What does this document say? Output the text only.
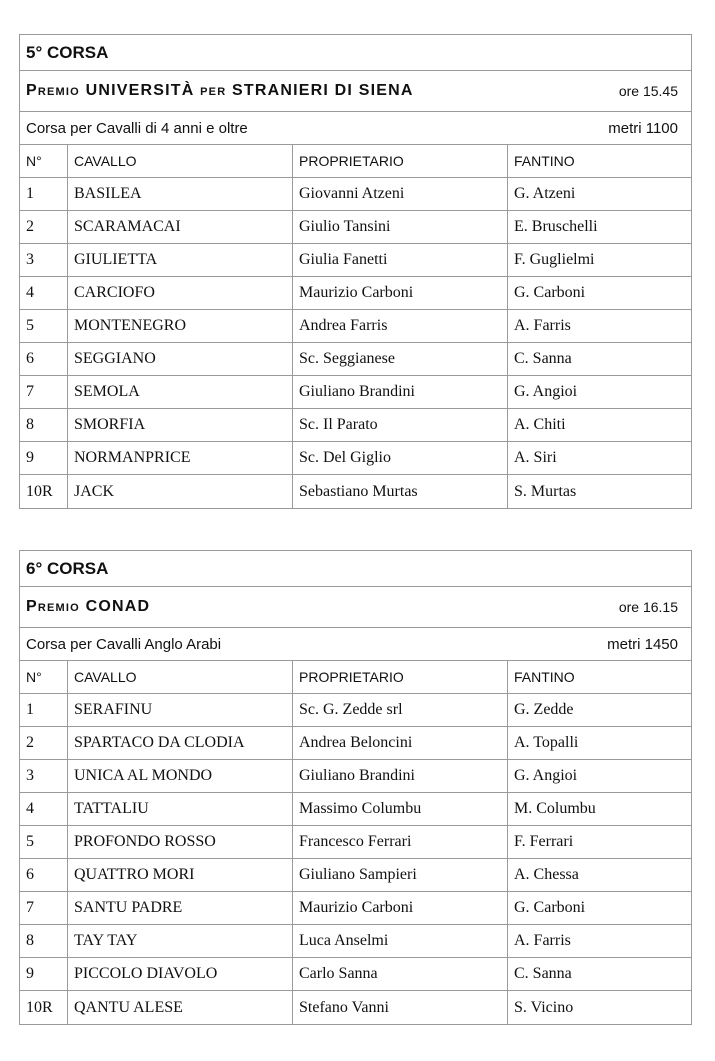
5° CORSA
Premio UNIVERSITÀ per STRANIERI DI SIENA	ore 15.45
Corsa per Cavalli di 4 anni e oltre	metri 1100
N°	CAVALLO	PROPRIETARIO	FANTINO
1	BASILEA	Giovanni Atzeni	G. Atzeni
2	SCARAMACAI	Giulio Tansini	E. Bruschelli
3	GIULIETTA	Giulia Fanetti	F. Guglielmi
4	CARCIOFO	Maurizio Carboni	G. Carboni
5	MONTENEGRO	Andrea Farris	A. Farris
6	SEGGIANO	Sc. Seggianese	C. Sanna
7	SEMOLA	Giuliano Brandini	G. Angioi
8	SMORFIA	Sc. Il Parato	A. Chiti
9	NORMANPRICE	Sc. Del Giglio	A. Siri
10R	JACK	Sebastiano Murtas	S. Murtas
6° CORSA
Premio CONAD	ore 16.15
Corsa per Cavalli Anglo Arabi	metri 1450
N°	CAVALLO	PROPRIETARIO	FANTINO
1	SERAFINU	Sc. G. Zedde srl	G. Zedde
2	SPARTACO DA CLODIA	Andrea Beloncini	A. Topalli
3	UNICA AL MONDO	Giuliano Brandini	G. Angioi
4	TATTALIU	Massimo Columbu	M. Columbu
5	PROFONDO ROSSO	Francesco Ferrari	F. Ferrari
6	QUATTRO MORI	Giuliano Sampieri	A. Chessa
7	SANTU PADRE	Maurizio Carboni	G. Carboni
8	TAY TAY	Luca Anselmi	A. Farris
9	PICCOLO DIAVOLO	Carlo Sanna	C. Sanna
10R	QANTU ALESE	Stefano Vanni	S. Vicino
